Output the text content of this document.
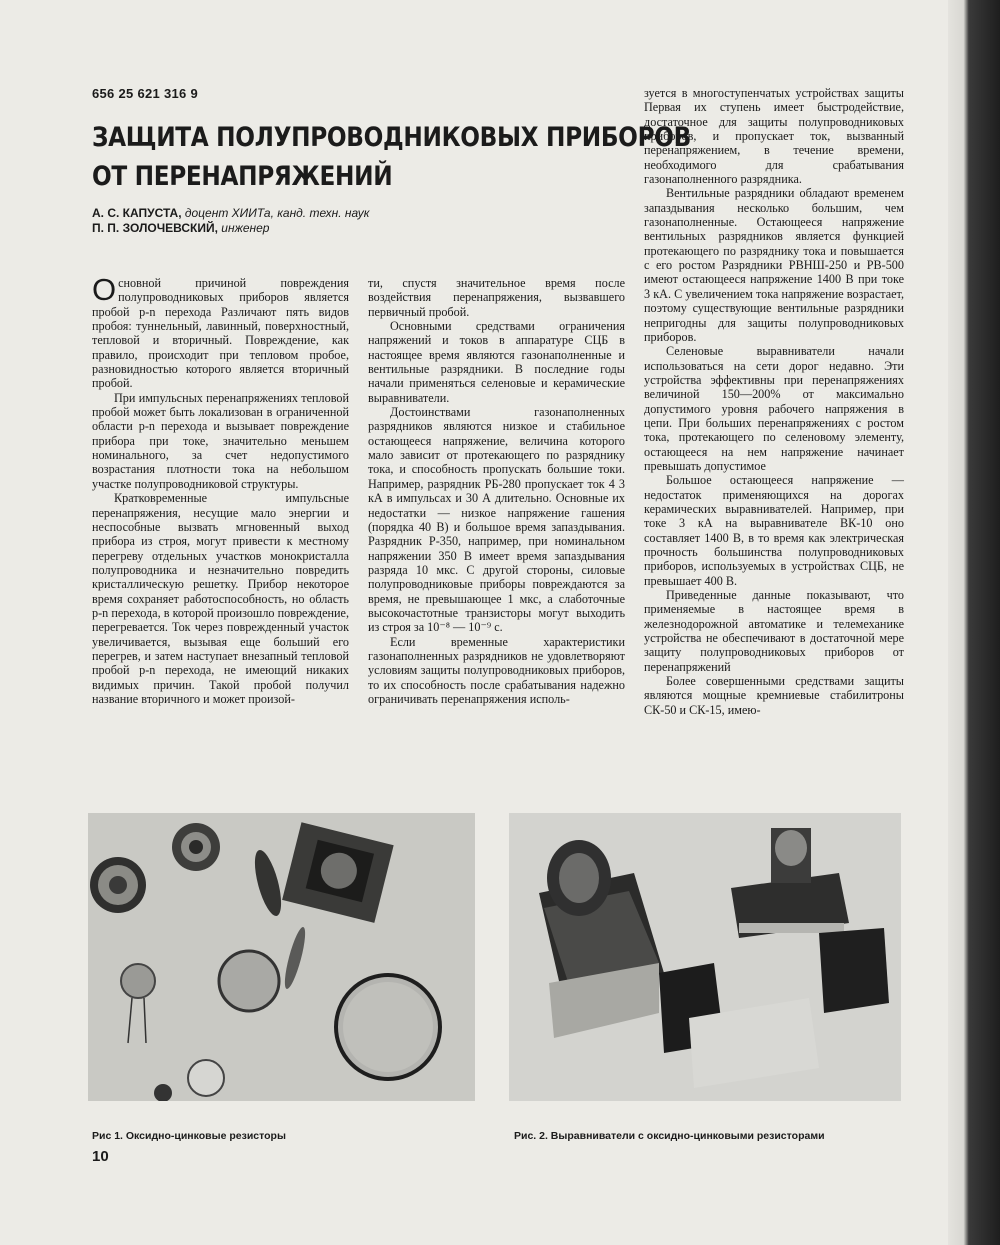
656 25 621 316 9
ЗАЩИТА ПОЛУПРОВОДНИКОВЫХ ПРИБОРОВ
ОТ ПЕРЕНАПРЯЖЕНИЙ
А. С. КАПУСТА, доцент ХИИТа, канд. техн. наук
П. П. ЗОЛОЧЕВСКИЙ, инженер

Основной причиной повреждения полупроводниковых приборов является пробой p-n перехода Различают пять видов пробоя: туннельный, лавинный, поверхностный, тепловой и вторичный. Повреждение, как правило, происходит при тепловом пробое, разновидностью которого является вторичный пробой.

При импульсных перенапряжениях тепловой пробой может быть локализован в ограниченной области p-n перехода и вызывает повреждение прибора при токе, значительно меньшем номинального, за счет недопустимого возрастания плотности тока на небольшом участке полупроводниковой структуры.

Кратковременные импульсные перенапряжения, несущие мало энергии и неспособные вызвать мгновенный выход прибора из строя, могут привести к местному перегреву отдельных участков монокристалла полупроводника и незначительно повредить кристаллическую решетку. Прибор некоторое время сохраняет работоспособность, но область p-n перехода, в которой произошло повреждение, перегревается. Ток через поврежденный участок увеличивается, вызывая еще больший его перегрев, и затем наступает внезапный тепловой пробой p-n перехода, не имеющий никаких видимых причин. Такой пробой получил название вторичного и может произой-

ти, спустя значительное время после воздействия перенапряжения, вызвавшего первичный пробой.

Основными средствами ограничения напряжений и токов в аппаратуре СЦБ в настоящее время являются газонаполненные и вентильные разрядники. В последние годы начали применяться селеновые и керамические выравниватели.

Достоинствами газонаполненных разрядников являются низкое и стабильное остающееся напряжение, величина которого мало зависит от протекающего по разряднику тока, и способность пропускать большие токи. Например, разрядник РБ-280 пропускает ток 4 3 кА в импульсах и 30 А длительно. Основные их недостатки — низкое напряжение гашения (порядка 40 В) и большое время запаздывания. Разрядник Р-350, например, при номинальном напряжении 350 В имеет время запаздывания разряда 10 мкс. С другой стороны, силовые полупроводниковые приборы повреждаются за время, не превышающее 1 мкс, а слаботочные высокочастотные транзисторы могут выходить из строя за 10⁻⁸ — 10⁻⁹ с.

Если временные характеристики газонаполненных разрядников не удовлетворяют условиям защиты полупроводниковых приборов, то их способность после срабатывания надежно ограничивать перенапряжения исполь-

зуется в многоступенчатых устройствах защиты Первая их ступень имеет быстродействие, достаточное для защиты полупроводниковых приборов, и пропускает ток, вызванный перенапряжением, в течение времени, необходимого для срабатывания газонаполненного разрядника.

Вентильные разрядники обладают временем запаздывания несколько большим, чем газонаполненные. Остающееся напряжение вентильных разрядников является функцией протекающего по разряднику тока и повышается с его ростом Разрядники РВНШ-250 и РВ-500 имеют остающееся напряжение 1400 В при токе 3 кА. С увеличением тока напряжение возрастает, поэтому существующие вентильные разрядники непригодны для защиты полупроводниковых приборов.

Селеновые выравниватели начали использоваться на сети дорог недавно. Эти устройства эффективны при перенапряжениях величиной 150—200% от максимально допустимого уровня рабочего напряжения в цепи. При больших перенапряжениях с ростом тока, протекающего по селеновому элементу, остающееся на нем напряжение начинает превышать допустимое

Большое остающееся напряжение — недостаток применяющихся на дорогах керамических выравнивателей. Например, при токе 3 кА на выравнивателе ВК-10 оно составляет 1400 В, в то время как электрическая прочность большинства полупроводниковых приборов, используемых в устройствах СЦБ, не превышает 400 В.

Приведенные данные показывают, что применяемые в настоящее время в железнодорожной автоматике и телемеханике устройства не обеспечивают в достаточной мере защиту полупроводниковых приборов от перенапряжений

Более совершенными средствами защиты являются мощные кремниевые стабилитроны СК-50 и СК-15, имею-

Рис 1. Оксидно-цинковые резисторы	Рис. 2. Выравниватели с оксидно-цинковыми резисторами
10
